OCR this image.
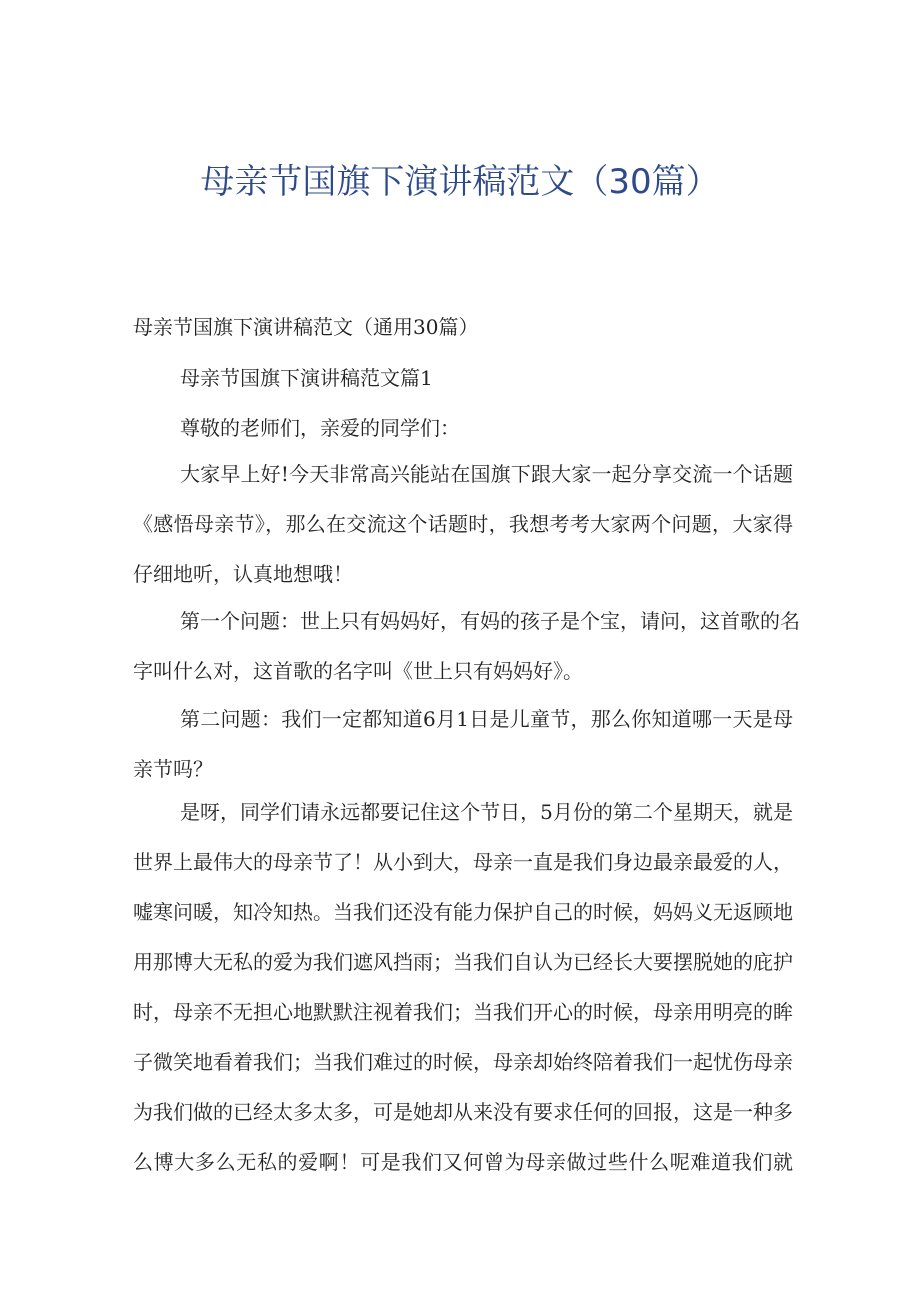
母亲节国旗下演讲稿范文（30篇）
母亲节国旗下演讲稿范文（通用30篇）
母亲节国旗下演讲稿范文篇1
尊敬的老师们，亲爱的同学们：
大家早上好!今天非常高兴能站在国旗下跟大家一起分享交流一个话题
《感悟母亲节》，那么在交流这个话题时，我想考考大家两个问题，大家得
仔细地听，认真地想哦！
第一个问题：世上只有妈妈好，有妈的孩子是个宝，请问，这首歌的名
字叫什么对，这首歌的名字叫《世上只有妈妈好》。
第二问题：我们一定都知道6月1日是儿童节，那么你知道哪一天是母
亲节吗？
是呀，同学们请永远都要记住这个节日，5月份的第二个星期天，就是
世界上最伟大的母亲节了！从小到大，母亲一直是我们身边最亲最爱的人，
嘘寒问暖，知冷知热。当我们还没有能力保护自己的时候，妈妈义无返顾地
用那博大无私的爱为我们遮风挡雨；当我们自认为已经长大要摆脱她的庇护
时，母亲不无担心地默默注视着我们；当我们开心的时候，母亲用明亮的眸
子微笑地看着我们；当我们难过的时候，母亲却始终陪着我们一起忧伤母亲
为我们做的已经太多太多，可是她却从来没有要求任何的回报，这是一种多
么博大多么无私的爱啊！可是我们又何曾为母亲做过些什么呢难道我们就
